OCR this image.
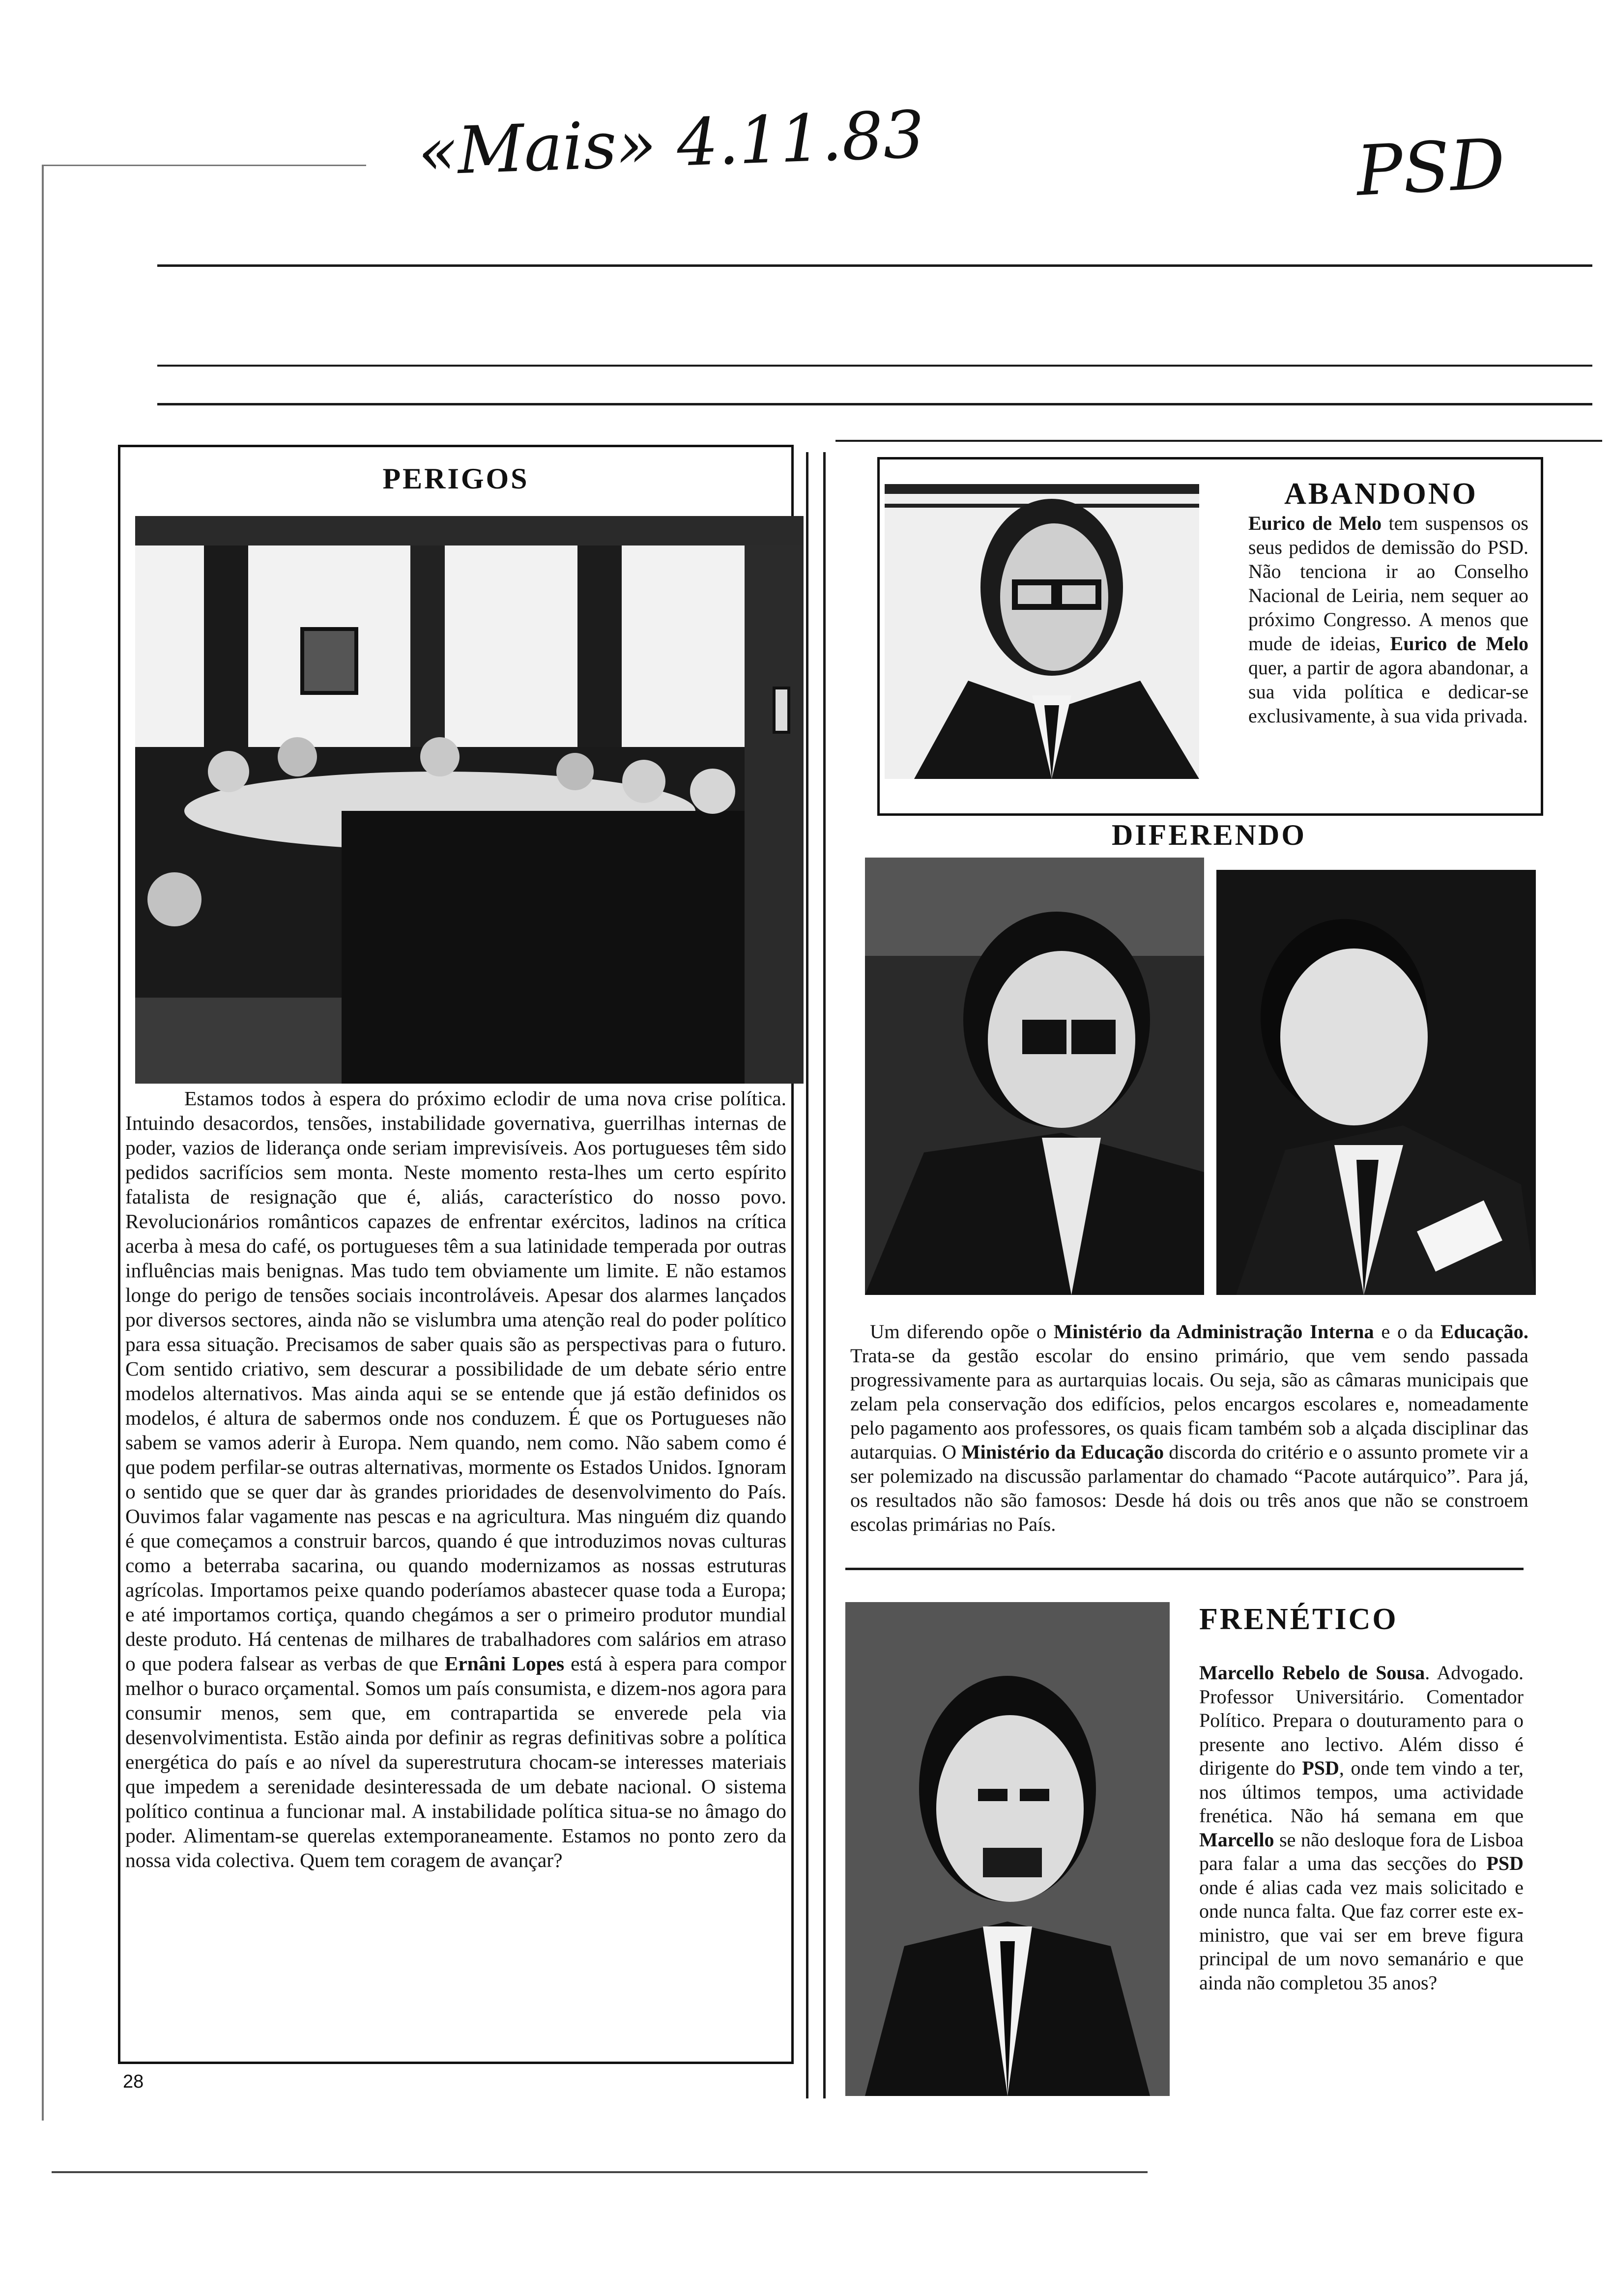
«Mais» 4.11.83	PSD
PERIGOS
Estamos todos à espera do próximo eclodir de uma nova crise política. Intuindo desacordos, tensões, instabilidade governativa, guerrilhas internas de poder, vazios de liderança onde seriam imprevisíveis. Aos portugueses têm sido pedidos sacrifícios sem monta. Neste momento resta-lhes um certo espírito fatalista de resignação que é, aliás, característico do nosso povo. Revolucionários românticos capazes de enfrentar exércitos, ladinos na crítica acerba à mesa do café, os portugueses têm a sua latinidade temperada por outras influências mais benignas. Mas tudo tem obviamente um limite. E não estamos longe do perigo de tensões sociais incontroláveis. Apesar dos alarmes lançados por diversos sectores, ainda não se vislumbra uma atenção real do poder político para essa situação. Precisamos de saber quais são as perspectivas para o futuro. Com sentido criativo, sem descurar a possibilidade de um debate sério entre modelos alternativos. Mas ainda aqui se se entende que já estão definidos os modelos, é altura de sabermos onde nos conduzem. É que os Portugueses não sabem se vamos aderir à Europa. Nem quando, nem como. Não sabem como é que podem perfilar-se outras alternativas, mormente os Estados Unidos. Ignoram o sentido que se quer dar às grandes prioridades de desenvolvimento do País. Ouvimos falar vagamente nas pescas e na agricultura. Mas ninguém diz quando é que começamos a construir barcos, quando é que introduzimos novas culturas como a beterraba sacarina, ou quando modernizamos as nossas estruturas agrícolas. Importamos peixe quando poderíamos abastecer quase toda a Europa; e até importamos cortiça, quando chegámos a ser o primeiro produtor mundial deste produto. Há centenas de milhares de trabalhadores com salários em atraso o que podera falsear as verbas de que Ernâni Lopes está à espera para compor melhor o buraco orçamental. Somos um país consumista, e dizem-nos agora para consumir menos, sem que, em contrapartida se enverede pela via desenvolvimentista. Estão ainda por definir as regras definitivas sobre a política energética do país e ao nível da superestrutura chocam-se interesses materiais que impedem a serenidade desinteressada de um debate nacional. O sistema político continua a funcionar mal. A instabilidade política situa-se no âmago do poder. Alimentam-se querelas extemporaneamente. Estamos no ponto zero da nossa vida colectiva. Quem tem coragem de avançar?
ABANDONO
Eurico de Melo tem suspensos os seus pedidos de demissão do PSD. Não tenciona ir ao Conselho Nacional de Leiria, nem sequer ao próximo Congresso. A menos que mude de ideias, Eurico de Melo quer, a partir de agora abandonar, a sua vida política e dedicar-se exclusivamente, à sua vida privada.
DIFERENDO
Um diferendo opõe o Ministério da Administração Interna e o da Educação. Trata-se da gestão escolar do ensino primário, que vem sendo passada progressivamente para as aurtarquias locais. Ou seja, são as câmaras municipais que zelam pela conservação dos edifícios, pelos encargos escolares e, nomeadamente pelo pagamento aos professores, os quais ficam também sob a alçada disciplinar das autarquias. O Ministério da Educação discorda do critério e o assunto promete vir a ser polemizado na discussão parlamentar do chamado “Pacote autárquico”. Para já, os resultados não são famosos: Desde há dois ou três anos que não se constroem escolas primárias no País.
FRENÉTICO
Marcello Rebelo de Sousa. Advogado. Professor Universitário. Comentador Político. Prepara o douturamento para o presente ano lectivo. Além disso é dirigente do PSD, onde tem vindo a ter, nos últimos tempos, uma actividade frenética. Não há semana em que Marcello se não desloque fora de Lisboa para falar a uma das secções do PSD onde é alias cada vez mais solicitado e onde nunca falta. Que faz correr este ex-ministro, que vai ser em breve figura principal de um novo semanário e que ainda não completou 35 anos?
28
